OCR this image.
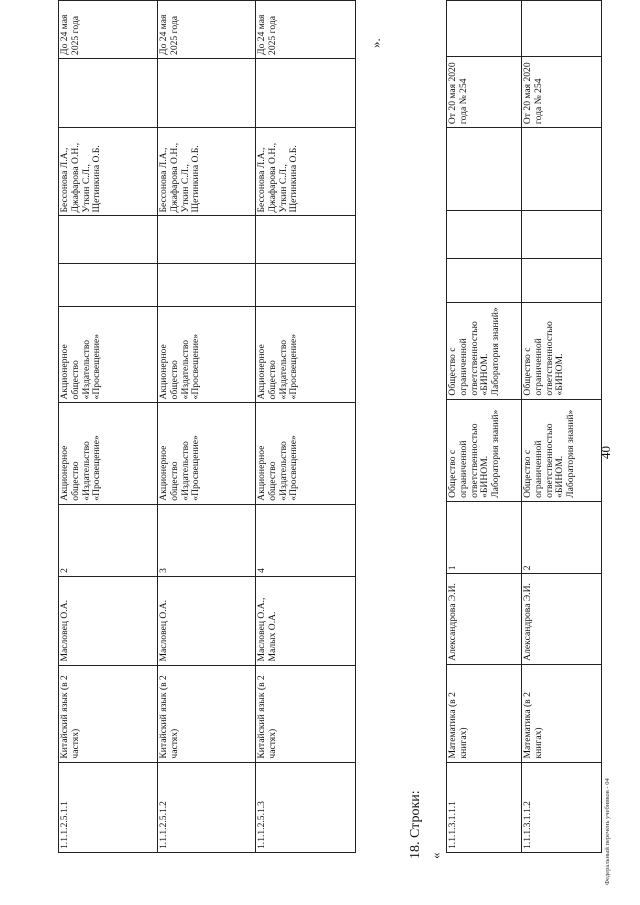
40
1.1.1.2.5.1.1	Китайский язык (в 2 частях)	Масловец О.А.	2	Акционерное общество «Издательство «Просвещение»	Акционерное общество «Издательство «Просвещение»			Бессонова Л.А., Джафарова О.Н., Уткин С.Л., Щетинкина О.Б.		До 24 мая 2025 года
1.1.1.2.5.1.2	Китайский язык (в 2 частях)	Масловец О.А.	3	Акционерное общество «Издательство «Просвещение»	Акционерное общество «Издательство «Просвещение»			Бессонова Л.А., Джафарова О.Н., Уткин С.Л., Щетинкина О.Б.		До 24 мая 2025 года
1.1.1.2.5.1.3	Китайский язык (в 2 частях)	Масловец О.А., Малых О.А.	4	Акционерное общество «Издательство «Просвещение»	Акционерное общество «Издательство «Просвещение»			Бессонова Л.А., Джафарова О.Н., Уткин С.Л., Щетинкина О.Б.		До 24 мая 2025 года	».
18. Строки: «
1.1.1.3.1.1.1	Математика (в 2 книгах)	Александрова Э.И.	1	Общество с ограниченной ответственностью «БИНОМ. Лаборатория знаний»	Общество с ограниченной ответственностью «БИНОМ. Лаборатория знаний»				От 20 мая 2020 года № 254	
1.1.1.3.1.1.2	Математика (в 2 книгах)	Александрова Э.И.	2	Общество с ограниченной ответственностью «БИНОМ. Лаборатория знаний»	Общество с ограниченной ответственностью «БИНОМ.				От 20 мая 2020 года № 254	
Федеральный перечень учебников - 04
